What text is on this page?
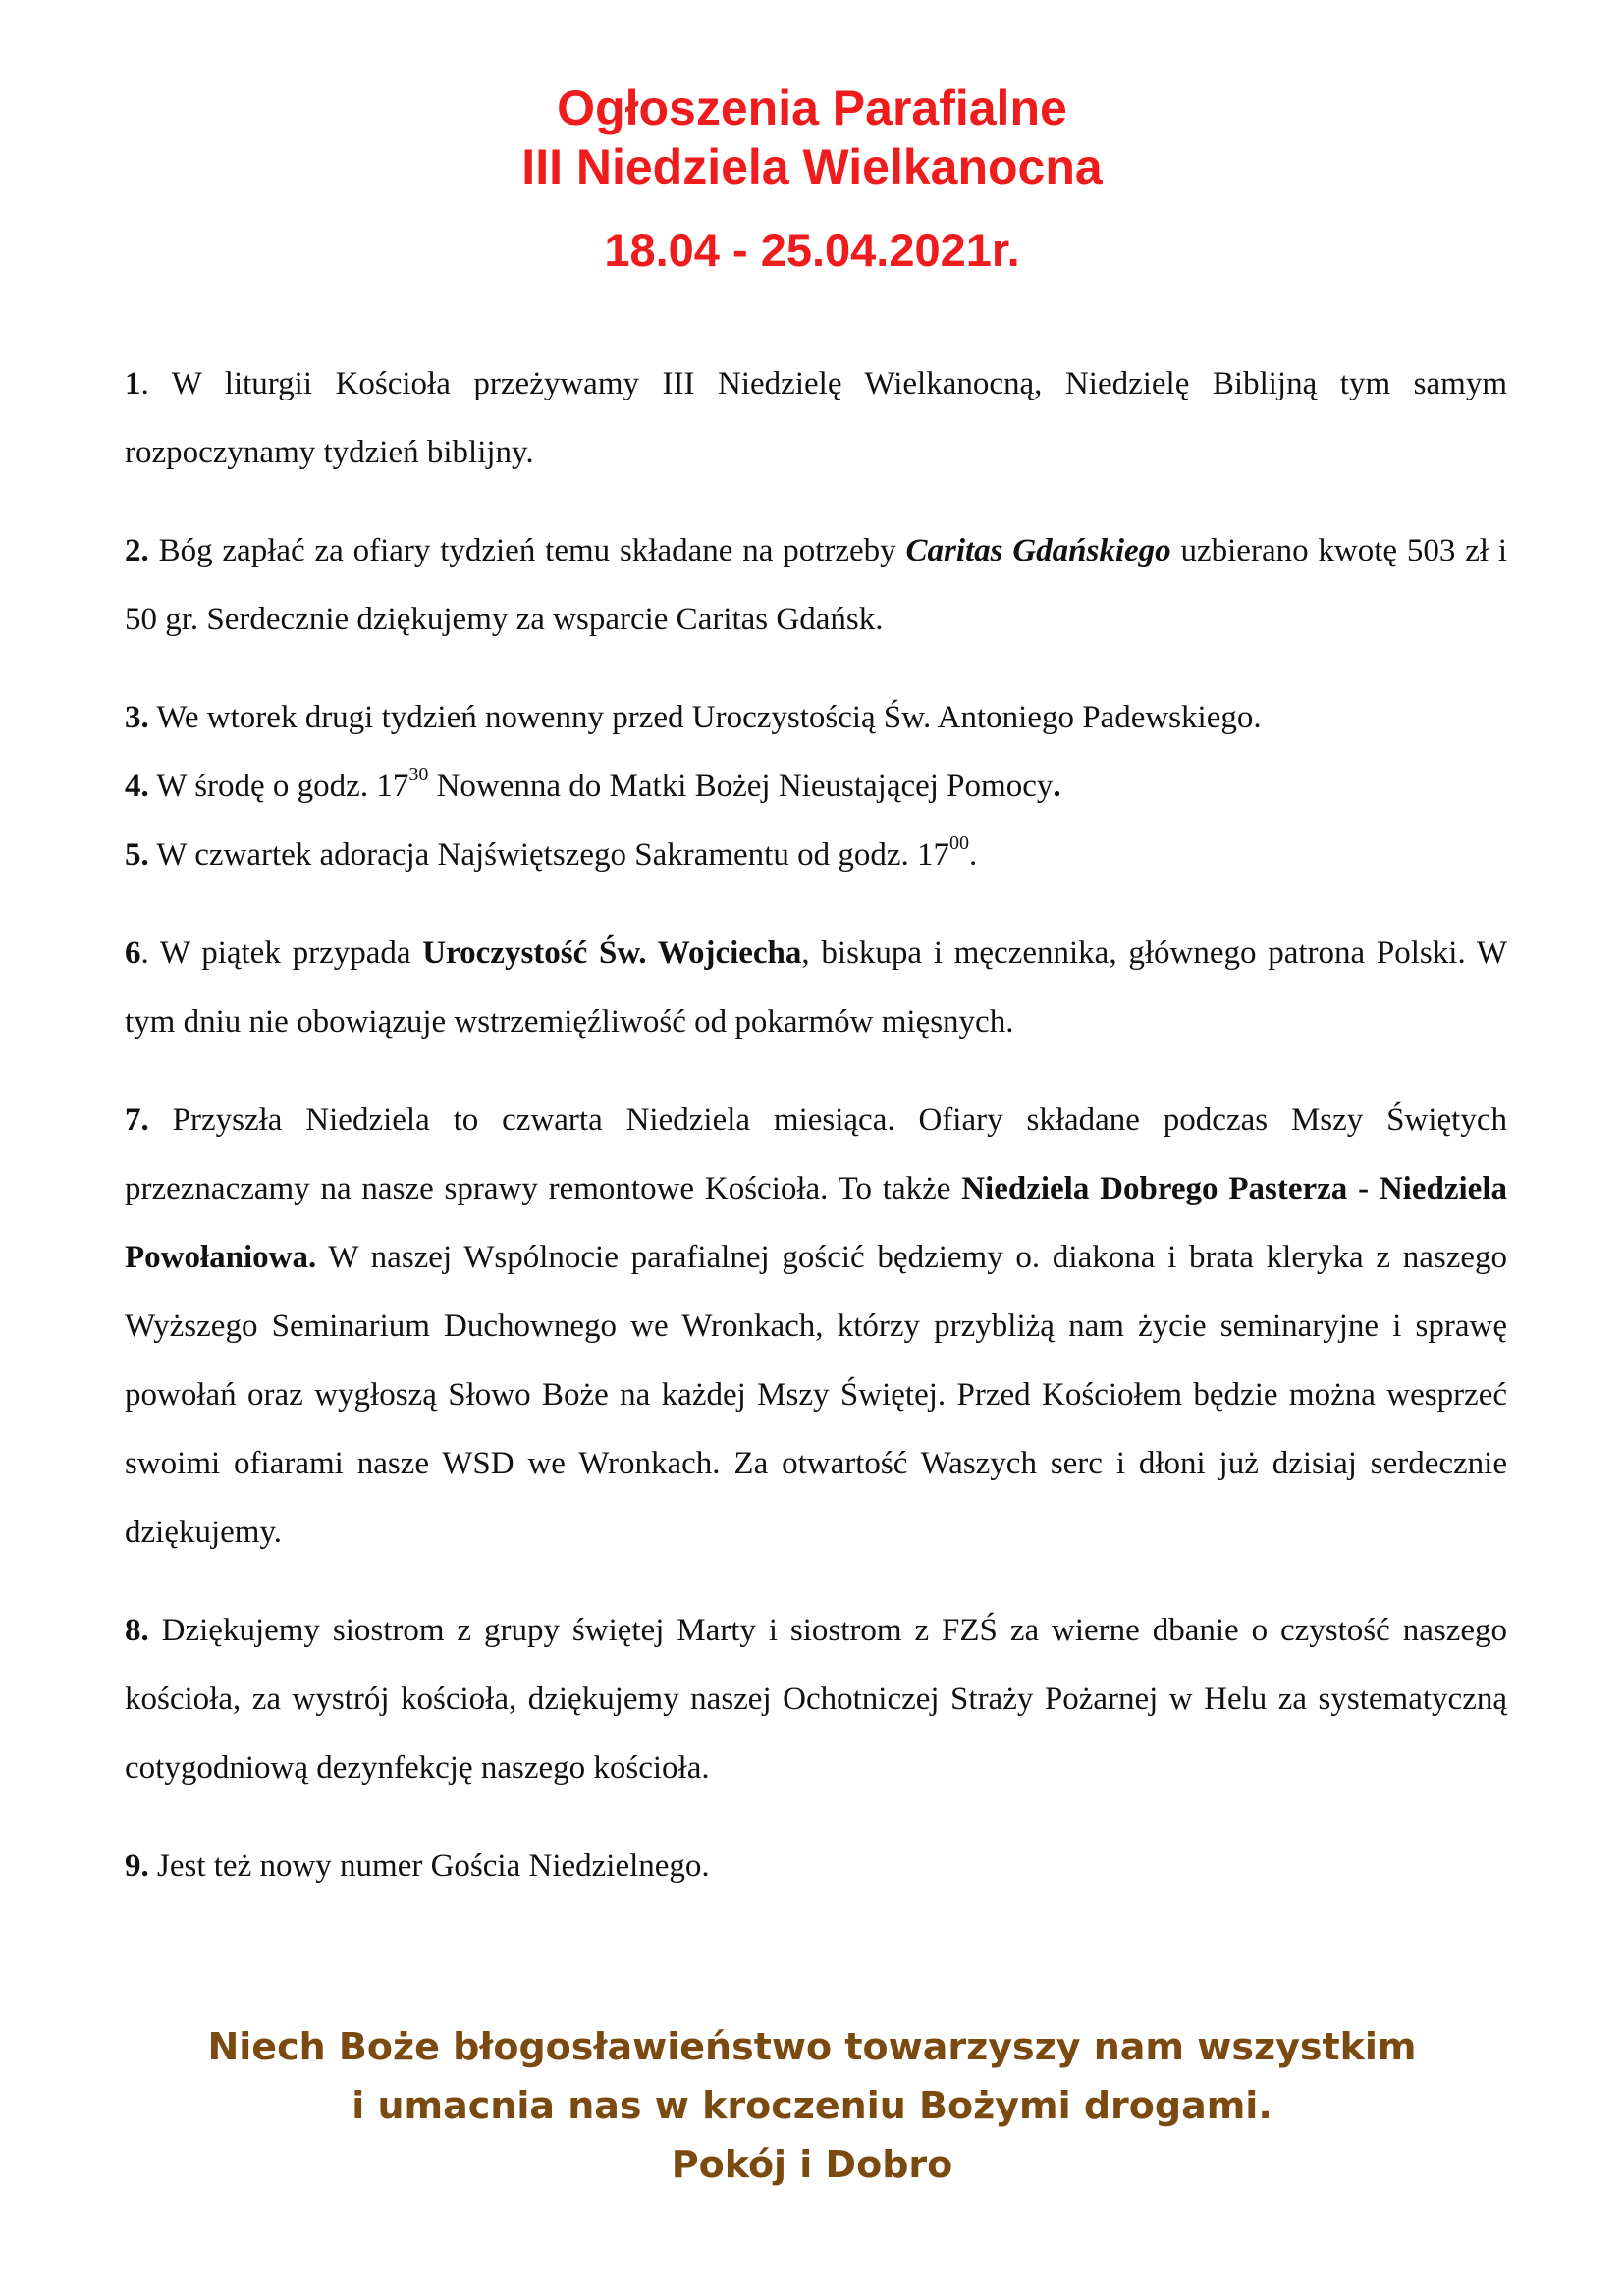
Ogłoszenia Parafialne
III Niedziela Wielkanocna
18.04 - 25.04.2021r.

1. W liturgii Kościoła przeżywamy III Niedzielę Wielkanocną, Niedzielę Biblijną tym samym rozpoczynamy tydzień biblijny.

2. Bóg zapłać za ofiary tydzień temu składane na potrzeby Caritas Gdańskiego uzbierano kwotę 503 zł i 50 gr. Serdecznie dziękujemy za wsparcie Caritas Gdańsk.

3. We wtorek drugi tydzień nowenny przed Uroczystością Św. Antoniego Padewskiego.

4. W środę o godz. $17^{30}$ Nowenna do Matki Bożej Nieustającej Pomocy.

5. W czwartek adoracja Najświętszego Sakramentu od godz. $17^{00}$.

6. W piątek przypada Uroczystość Św. Wojciecha, biskupa i męczennika, głównego patrona Polski. W tym dniu nie obowiązuje wstrzemięźliwość od pokarmów mięsnych.

7. Przyszła Niedziela to czwarta Niedziela miesiąca. Ofiary składane podczas Mszy Świętych przeznaczamy na nasze sprawy remontowe Kościoła. To także Niedziela Dobrego Pasterza - Niedziela Powołaniowa. W naszej Wspólnocie parafialnej gościć będziemy o. diakona i brata kleryka z naszego Wyższego Seminarium Duchownego we Wronkach, którzy przybliżą nam życie seminaryjne i sprawę powołań oraz wygłoszą Słowo Boże na każdej Mszy Świętej. Przed Kościołem będzie można wesprzeć swoimi ofiarami nasze WSD we Wronkach. Za otwartość Waszych serc i dłoni już dzisiaj serdecznie dziękujemy.

8. Dziękujemy siostrom z grupy świętej Marty i siostrom z FZŚ za wierne dbanie o czystość naszego kościoła, za wystrój kościoła, dziękujemy naszej Ochotniczej Straży Pożarnej w Helu za systematyczną cotygodniową dezynfekcję naszego kościoła.

9. Jest też nowy numer Gościa Niedzielnego.

Niech Boże błogosławieństwo towarzyszy nam wszystkim
i umacnia nas w kroczeniu Bożymi drogami.
Pokój i Dobro
